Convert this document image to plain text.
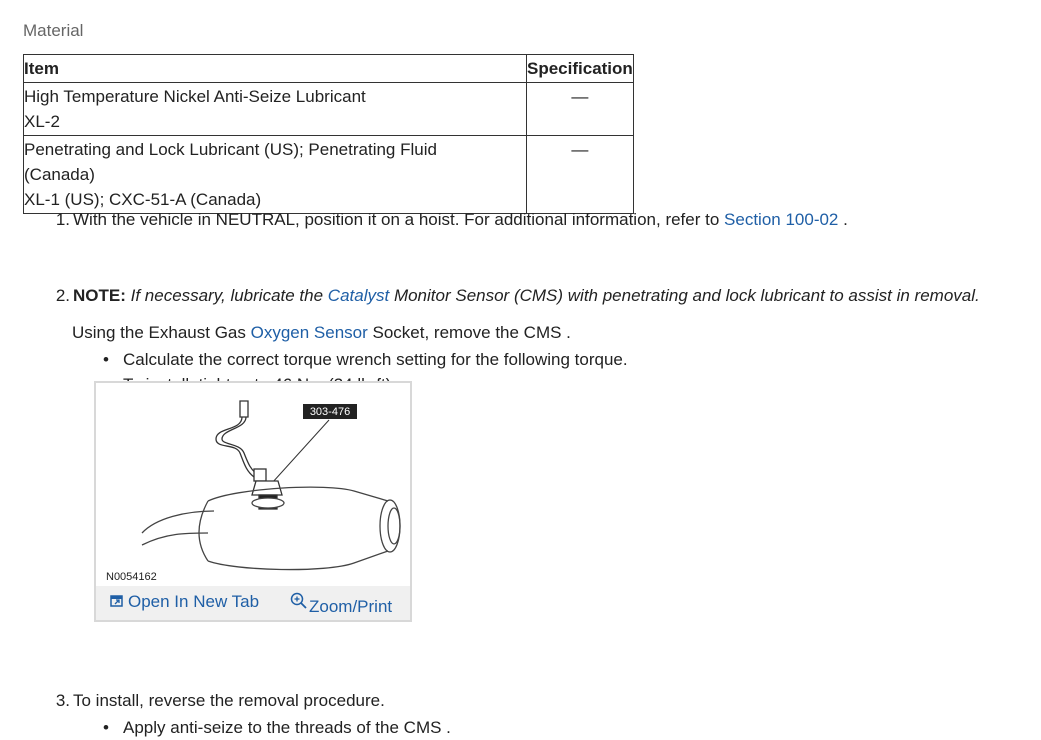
Material
Item	Specification

High Temperature Nickel Anti-Seize Lubricant
XL-2	—

Penetrating and Lock Lubricant (US); Penetrating Fluid
(Canada)
XL-1 (US); CXC-51-A (Canada)	—
1. With the vehicle in NEUTRAL, position it on a hoist. For additional information, refer to Section 100-02 .
2. NOTE: If necessary, lubricate the Catalyst Monitor Sensor (CMS) with penetrating and lock lubricant to assist in removal.
Using the Exhaust Gas Oxygen Sensor Socket, remove the CMS .
• Calculate the correct torque wrench setting for the following torque.
3. To install, reverse the removal procedure.
• Apply anti-seize to the threads of the CMS .
303-476
N0054162
Open In New Tab	Zoom/Print
